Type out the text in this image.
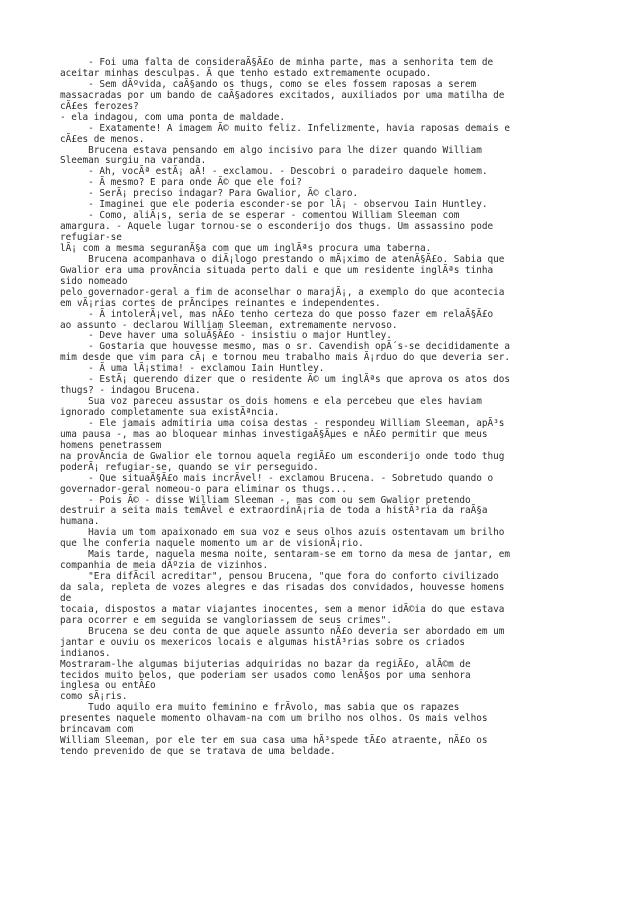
- Foi uma falta de consideraÃ§Ã£o de minha parte, mas a senhorita tem de
aceitar minhas desculpas. Ã que tenho estado extremamente ocupado.
- Sem dÃºvida, caÃ§ando os thugs, como se eles fossem raposas a serem
massacradas por um bando de caÃ§adores excitados, auxiliados por uma matilha de
cÃ£es ferozes?
- ela indagou, com uma ponta de maldade.
- Exatamente! A imagem Ã© muito feliz. Infelizmente, havia raposas demais e
cÃ£es de menos.
Brucena estava pensando em algo incisivo para lhe dizer quando William
Sleeman surgiu na varanda.
- Ah, vocÃª estÃ¡ aÃ! - exclamou. - Descobri o paradeiro daquele homem.
- Ã mesmo? E para onde Ã© que ele foi?
- SerÃ¡ preciso indagar? Para Gwalior, Ã© claro.
- Imaginei que ele poderia esconder-se por lÃ¡ - observou Iain Huntley.
- Como, aliÃ¡s, seria de se esperar - comentou William Sleeman com
amargura. - Aquele lugar tornou-se o esconderijo dos thugs. Um assassino pode
refugiar-se
lÃ¡ com a mesma seguranÃ§a com que um inglÃªs procura uma taberna.
Brucena acompanhava o diÃ¡logo prestando o mÃ¡ximo de atenÃ§Ã£o. Sabia que
Gwalior era uma provÃncia situada perto dali e que um residente inglÃªs tinha
sido nomeado
pelo governador-geral a fim de aconselhar o marajÃ¡, a exemplo do que acontecia
em vÃ¡rias cortes de prÃncipes reinantes e independentes.
- Ã intolerÃ¡vel, mas nÃ£o tenho certeza do que posso fazer em relaÃ§Ã£o
ao assunto - declarou William Sleeman, extremamente nervoso.
- Deve haver uma soluÃ§Ã£o - insistiu o major Huntley.
- Gostaria que houvesse mesmo, mas o sr. Cavendish opÃ´s-se decididamente a
mim desde que vim para cÃ¡ e tornou meu trabalho mais Ã¡rduo do que deveria ser.
- Ã uma lÃ¡stima! - exclamou Iain Huntley.
- EstÃ¡ querendo dizer que o residente Ã© um inglÃªs que aprova os atos dos
thugs? - indagou Brucena.
Sua voz pareceu assustar os dois homens e ela percebeu que eles haviam
ignorado completamente sua existÃªncia.
- Ele jamais admitiria uma coisa destas - respondeu William Sleeman, apÃ³s
uma pausa -, mas ao bloquear minhas investigaÃ§Ãµes e nÃ£o permitir que meus
homens penetrassem
na provÃncia de Gwalior ele tornou aquela regiÃ£o um esconderijo onde todo thug
poderÃ¡ refugiar-se, quando se vir perseguido.
- Que situaÃ§Ã£o mais incrÃvel! - exclamou Brucena. - Sobretudo quando o
governador-geral nomeou-o para eliminar os thugs...
- Pois Ã© - disse William Sleeman -, mas com ou sem Gwalior pretendo
destruir a seita mais temÃvel e extraordinÃ¡ria de toda a histÃ³ria da raÃ§a
humana.
Havia um tom apaixonado em sua voz e seus olhos azuis ostentavam um brilho
que lhe conferia naquele momento um ar de visionÃ¡rio.
Mais tarde, naquela mesma noite, sentaram-se em torno da mesa de jantar, em
companhia de meia dÃºzia de vizinhos.
"Era difÃcil acreditar", pensou Brucena, "que fora do conforto civilizado
da sala, repleta de vozes alegres e das risadas dos convidados, houvesse homens
de
tocaia, dispostos a matar viajantes inocentes, sem a menor idÃ©ia do que estava
para ocorrer e em seguida se vangloriassem de seus crimes".
Brucena se deu conta de que aquele assunto nÃ£o deveria ser abordado em um
jantar e ouviu os mexericos locais e algumas histÃ³rias sobre os criados
indianos.
Mostraram-lhe algumas bijuterias adquiridas no bazar da regiÃ£o, alÃ©m de
tecidos muito belos, que poderiam ser usados como lenÃ§os por uma senhora
inglesa ou entÃ£o
como sÃ¡ris.
Tudo aquilo era muito feminino e frÃvolo, mas sabia que os rapazes
presentes naquele momento olhavam-na com um brilho nos olhos. Os mais velhos
brincavam com
William Sleeman, por ele ter em sua casa uma hÃ³spede tÃ£o atraente, nÃ£o os
tendo prevenido de que se tratava de uma beldade.
